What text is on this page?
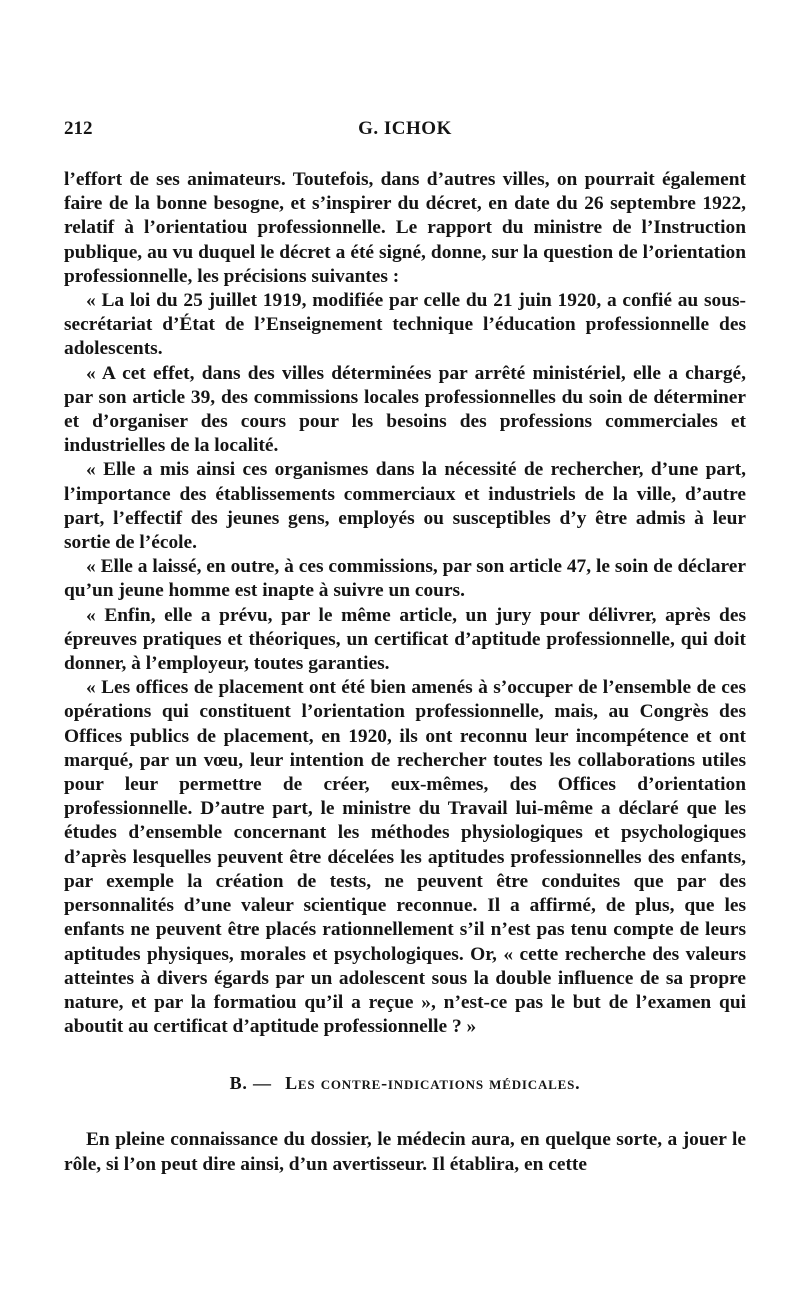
212	G. ICHOK

l’effort de ses animateurs. Toutefois, dans d’autres villes, on pourrait également faire de la bonne besogne, et s’inspirer du décret, en date du 26 septembre 1922, relatif à l’orientatiou professionnelle. Le rapport du ministre de l’Instruction publique, au vu duquel le décret a été signé, donne, sur la question de l’orientation professionnelle, les précisions suivantes :

« La loi du 25 juillet 1919, modifiée par celle du 21 juin 1920, a confié au sous-secrétariat d’État de l’Enseignement technique l’éducation professionnelle des adolescents.

« A cet effet, dans des villes déterminées par arrêté ministériel, elle a chargé, par son article 39, des commissions locales professionnelles du soin de déterminer et d’organiser des cours pour les besoins des professions commerciales et industrielles de la localité.

« Elle a mis ainsi ces organismes dans la nécessité de rechercher, d’une part, l’importance des établissements commerciaux et industriels de la ville, d’autre part, l’effectif des jeunes gens, employés ou susceptibles d’y être admis à leur sortie de l’école.

« Elle a laissé, en outre, à ces commissions, par son article 47, le soin de déclarer qu’un jeune homme est inapte à suivre un cours.

« Enfin, elle a prévu, par le même article, un jury pour délivrer, après des épreuves pratiques et théoriques, un certificat d’aptitude professionnelle, qui doit donner, à l’employeur, toutes garanties.

« Les offices de placement ont été bien amenés à s’occuper de l’ensemble de ces opérations qui constituent l’orientation professionnelle, mais, au Congrès des Offices publics de placement, en 1920, ils ont reconnu leur incompétence et ont marqué, par un vœu, leur intention de rechercher toutes les collaborations utiles pour leur permettre de créer, eux-mêmes, des Offices d’orientation professionnelle. D’autre part, le ministre du Travail lui-même a déclaré que les études d’ensemble concernant les méthodes physiologiques et psychologiques d’après lesquelles peuvent être décelées les aptitudes professionnelles des enfants, par exemple la création de tests, ne peuvent être conduites que par des personnalités d’une valeur scientique reconnue. Il a affirmé, de plus, que les enfants ne peuvent être placés rationnellement s’il n’est pas tenu compte de leurs aptitudes physiques, morales et psychologiques. Or, « cette recherche des valeurs atteintes à divers égards par un adolescent sous la double influence de sa propre nature, et par la formatiou qu’il a reçue », n’est-ce pas le but de l’examen qui aboutit au certificat d’aptitude professionnelle ? »

B. — Les contre-indications médicales.

En pleine connaissance du dossier, le médecin aura, en quelque sorte, a jouer le rôle, si l’on peut dire ainsi, d’un avertisseur. Il établira, en cette
